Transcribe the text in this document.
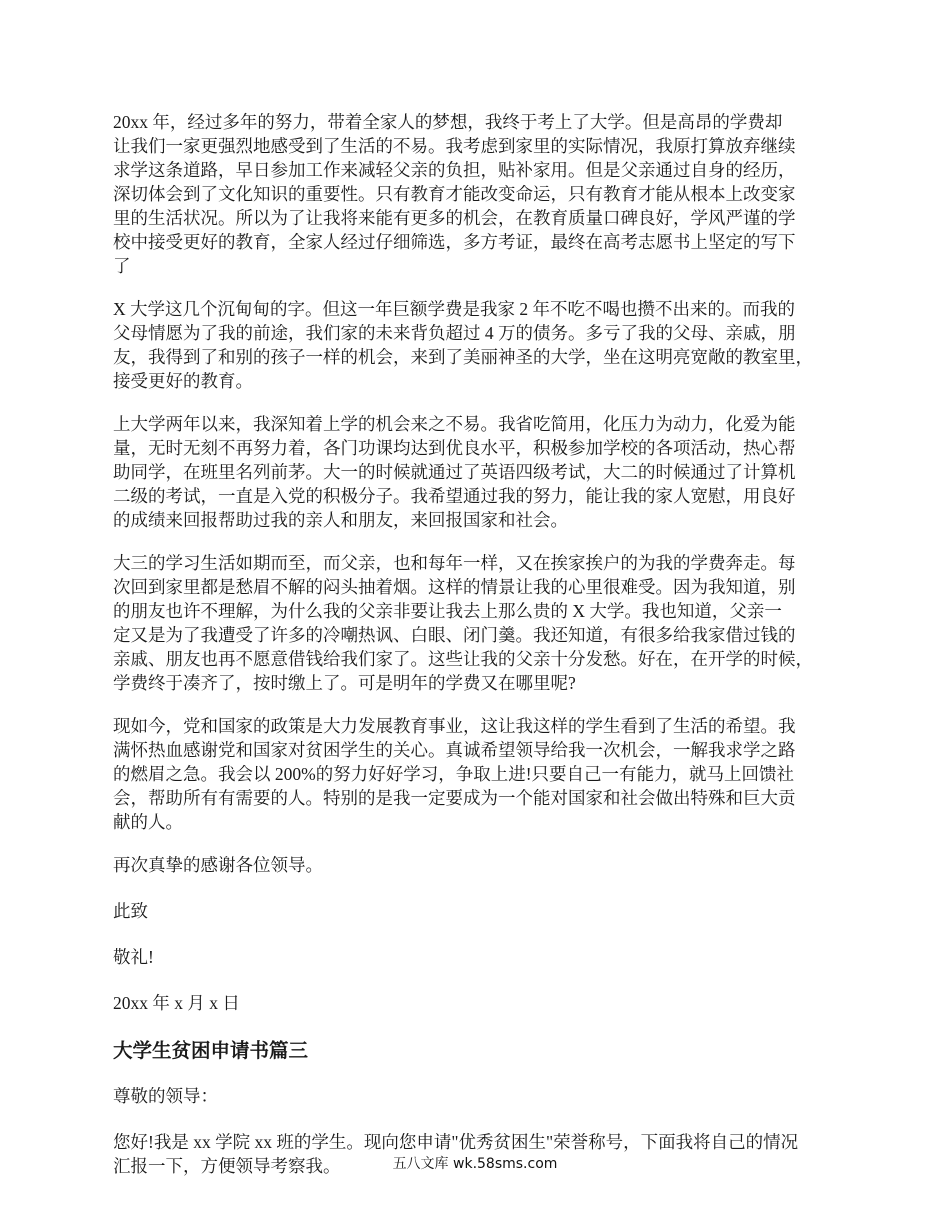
20xx 年，经过多年的努力，带着全家人的梦想，我终于考上了大学。但是高昂的学费却
让我们一家更强烈地感受到了生活的不易。我考虑到家里的实际情况，我原打算放弃继续
求学这条道路，早日参加工作来减轻父亲的负担，贴补家用。但是父亲通过自身的经历，
深切体会到了文化知识的重要性。只有教育才能改变命运，只有教育才能从根本上改变家
里的生活状况。所以为了让我将来能有更多的机会，在教育质量口碑良好，学风严谨的学
校中接受更好的教育，全家人经过仔细筛选，多方考证，最终在高考志愿书上坚定的写下
了

X 大学这几个沉甸甸的字。但这一年巨额学费是我家 2 年不吃不喝也攒不出来的。而我的
父母情愿为了我的前途，我们家的未来背负超过 4 万的债务。多亏了我的父母、亲戚，朋
友，我得到了和别的孩子一样的机会，来到了美丽神圣的大学，坐在这明亮宽敞的教室里，
接受更好的教育。

上大学两年以来，我深知着上学的机会来之不易。我省吃简用，化压力为动力，化爱为能
量，无时无刻不再努力着，各门功课均达到优良水平，积极参加学校的各项活动，热心帮
助同学，在班里名列前茅。大一的时候就通过了英语四级考试，大二的时候通过了计算机
二级的考试，一直是入党的积极分子。我希望通过我的努力，能让我的家人宽慰，用良好
的成绩来回报帮助过我的亲人和朋友，来回报国家和社会。

大三的学习生活如期而至，而父亲，也和每年一样，又在挨家挨户的为我的学费奔走。每
次回到家里都是愁眉不解的闷头抽着烟。这样的情景让我的心里很难受。因为我知道，别
的朋友也许不理解，为什么我的父亲非要让我去上那么贵的 X 大学。我也知道，父亲一
定又是为了我遭受了许多的冷嘲热讽、白眼、闭门羹。我还知道，有很多给我家借过钱的
亲戚、朋友也再不愿意借钱给我们家了。这些让我的父亲十分发愁。好在，在开学的时候，
学费终于凑齐了，按时缴上了。可是明年的学费又在哪里呢?

现如今，党和国家的政策是大力发展教育事业，这让我这样的学生看到了生活的希望。我
满怀热血感谢党和国家对贫困学生的关心。真诚希望领导给我一次机会，一解我求学之路
的燃眉之急。我会以 200%的努力好好学习，争取上进!只要自己一有能力，就马上回馈社
会，帮助所有有需要的人。特别的是我一定要成为一个能对国家和社会做出特殊和巨大贡
献的人。

再次真挚的感谢各位领导。

此致

敬礼!

20xx 年 x 月 x 日

大学生贫困申请书篇三

尊敬的领导：

您好!我是 xx 学院 xx 班的学生。现向您申请"优秀贫困生"荣誉称号，下面我将自己的情况
汇报一下，方便领导考察我。	五八文库 wk.58sms.com
